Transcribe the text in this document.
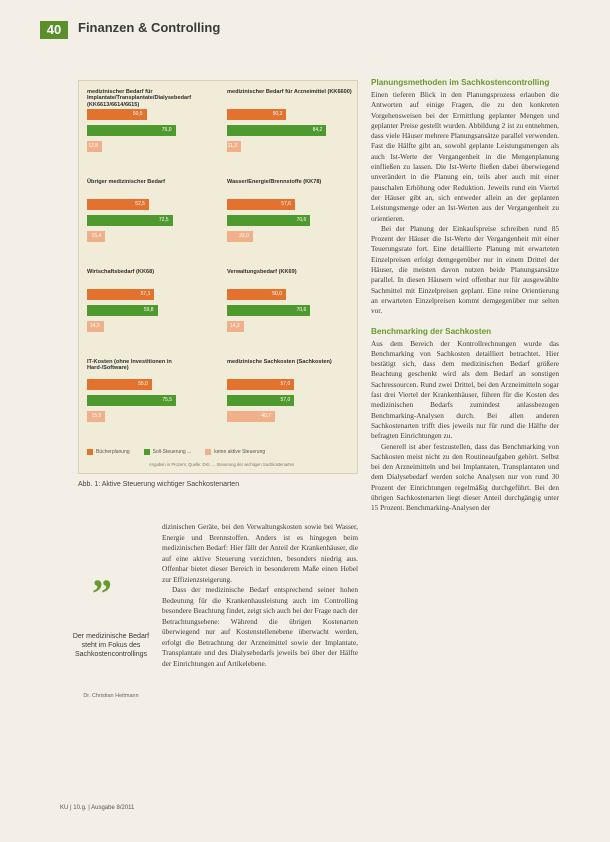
40	Finanzen & Controlling
medizinischer Bedarf für Implantate/Transplantate/Dialysebedarf (KK6613/6614/6615)
50,5
75,0
12,8
medizinischer Bedarf für Arzneimittel (KK6600)
50,3
84,2
11,3
Übriger medizinischer Bedarf
52,5
72,5
15,4
Wasser/Energie/Brennstoffe (KK78)
57,6
70,6
22,0
Wirtschaftsbedarf (KK68)
57,1
59,8
14,0
Verwaltungsbedarf (KK69)
50,0
70,6
14,2
IT-Kosten (ohne Investitionen in Hard-/Software)
55,0
75,5
15,5
medizinische Sachkosten (Sachkosten)
57,0
57,0
40,7
Bücherplanung	Soll-Steuerung ...	keine aktive Steuerung
Angaben in Prozent, Quelle: DKI, ... Steuerung der wichtigen Sachkostenarten
Abb. 1: Aktive Steuerung wichtiger Sachkostenarten
Planungsmethoden im Sachkostencontrolling

Einen tieferen Blick in den Planungsprozess erlauben die Antworten auf einige Fragen, die zu den konkreten Vorgehensweisen bei der Ermittlung geplanter Mengen und geplanter Preise gestellt wurden. Abbildung 2 ist zu entnehmen, dass viele Häuser mehrere Planungsansätze parallel verwenden. Fast die Hälfte gibt an, sowohl geplante Leistungsmengen als auch Ist-Werte der Vergangenheit in die Mengenplanung einfließen zu lassen. Die Ist-Werte fließen dabei überwiegend unverändert in die Planung ein, teils aber auch mit einer pauschalen Erhöhung oder Reduktion. Jeweils rund ein Viertel der Häuser gibt an, sich entweder allein an der geplanten Leistungsmenge oder an Ist-Werten aus der Vergangenheit zu orientieren.

Bei der Planung der Einkaufspreise schreiben rund 85 Prozent der Häuser die Ist-Werte der Vergangenheit mit einer Teuerungsrate fort. Eine detaillierte Planung mit erwarteten Einzelpreisen erfolgt demgegenüber nur in einem Drittel der Häuser, die meisten davon nutzen beide Planungsansätze parallel. In diesen Häusern wird offenbar nur für ausgewählte Sachmittel mit Einzelpreisen geplant. Eine reine Orientierung an erwarteten Einzelpreisen kommt demgegenüber nur selten vor.

Benchmarking der Sachkosten

Aus dem Bereich der Kontrollrechnungen wurde das Benchmarking von Sachkosten detailliert betrachtet. Hier bestätigt sich, dass dem medizinischen Bedarf größere Beachtung geschenkt wird als dem Bedarf an sonstigen Sachressourcen. Rund zwei Drittel, bei den Arzneimitteln sogar fast drei Viertel der Krankenhäuser, führen für die Kosten des medizinischen Bedarfs zumindest anlassbezogen Benchmarking-Analysen durch. Bei allen anderen Sachkostenarten trifft dies jeweils nur für rund die Hälfte der befragten Einrichtungen zu.

Generell ist aber festzustellen, dass das Benchmarking von Sachkosten meist nicht zu den Routineaufgaben gehört. Selbst bei den Arzneimitteln und bei Implantaten, Transplantaten und dem Dialysebedarf werden solche Analysen nur von rund 30 Prozent der Einrichtungen regelmäßig durchgeführt. Bei den übrigen Sachkostenarten liegt dieser Anteil durchgängig unter 15 Prozent. Benchmarking-Analysen der

dizinischen Geräte, bei den Verwaltungskosten sowie bei Wasser, Energie und Brennstoffen. Anders ist es hingegen beim medizinischen Bedarf: Hier fällt der Anteil der Krankenhäuser, die auf eine aktive Steuerung verzichten, besonders niedrig aus. Offenbar bietet dieser Bereich in besonderem Maße einen Hebel zur Effizienzsteigerung.

Dass der medizinische Bedarf entsprechend seiner hohen Bedeutung für die Krankenhausleistung auch im Controlling besondere Beachtung findet, zeigt sich auch bei der Frage nach der Betrachtungsebene: Während die übrigen Kostenarten überwiegend nur auf Kostenstellenebene überwacht werden, erfolgt die Betrachtung der Arzneimittel sowie der Implantate, Transplantate und des Dialysebedarfs jeweils bei über der Hälfte der Einrichtungen auf Artikelebene.

”
Der medizinische Bedarf steht im Fokus des Sachkostencontrollings
Dr. Christian Heitmann
KU | 10.g. | Ausgabe 8/2011
